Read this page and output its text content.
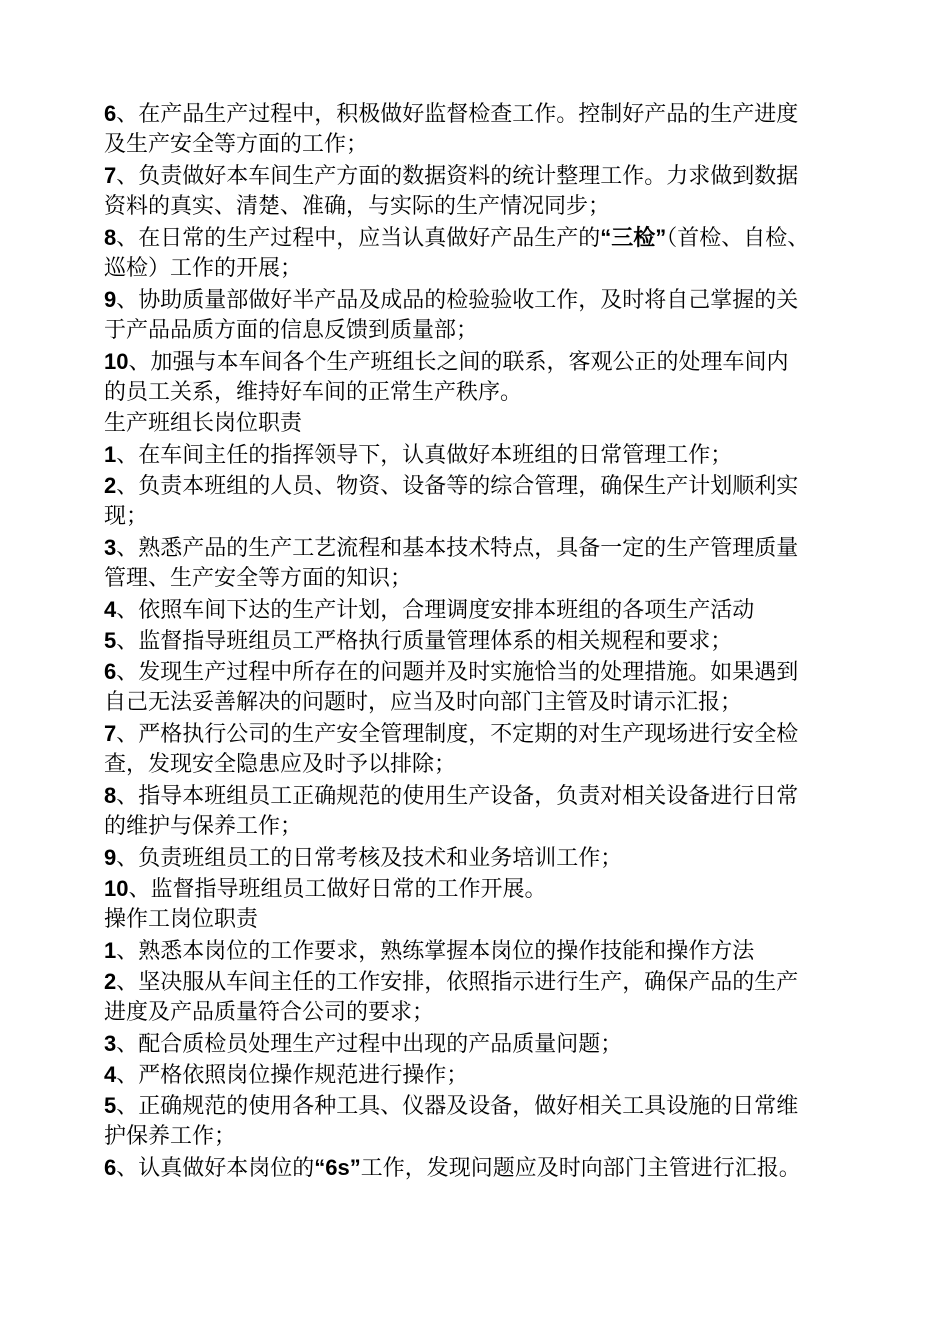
6、在产品生产过程中，积极做好监督检查工作。控制好产品的生产进度
及生产安全等方面的工作；
7、负责做好本车间生产方面的数据资料的统计整理工作。力求做到数据
资料的真实、清楚、准确，与实际的生产情况同步；
8、在日常的生产过程中，应当认真做好产品生产的“三检”（首检、自检、
巡检）工作的开展；
9、协助质量部做好半产品及成品的检验验收工作，及时将自己掌握的关
于产品品质方面的信息反馈到质量部；
10、加强与本车间各个生产班组长之间的联系，客观公正的处理车间内
的员工关系，维持好车间的正常生产秩序。
生产班组长岗位职责
1、在车间主任的指挥领导下，认真做好本班组的日常管理工作；
2、负责本班组的人员、物资、设备等的综合管理，确保生产计划顺利实
现；
3、熟悉产品的生产工艺流程和基本技术特点，具备一定的生产管理质量
管理、生产安全等方面的知识；
4、依照车间下达的生产计划，合理调度安排本班组的各项生产活动
5、监督指导班组员工严格执行质量管理体系的相关规程和要求；
6、发现生产过程中所存在的问题并及时实施恰当的处理措施。如果遇到
自己无法妥善解决的问题时，应当及时向部门主管及时请示汇报；
7、严格执行公司的生产安全管理制度，不定期的对生产现场进行安全检
查，发现安全隐患应及时予以排除；
8、指导本班组员工正确规范的使用生产设备，负责对相关设备进行日常
的维护与保养工作；
9、负责班组员工的日常考核及技术和业务培训工作；
10、监督指导班组员工做好日常的工作开展。
操作工岗位职责
1、熟悉本岗位的工作要求，熟练掌握本岗位的操作技能和操作方法
2、坚决服从车间主任的工作安排，依照指示进行生产，确保产品的生产
进度及产品质量符合公司的要求；
3、配合质检员处理生产过程中出现的产品质量问题；
4、严格依照岗位操作规范进行操作；
5、正确规范的使用各种工具、仪器及设备，做好相关工具设施的日常维
护保养工作；
6、认真做好本岗位的“6s”工作，发现问题应及时向部门主管进行汇报。
